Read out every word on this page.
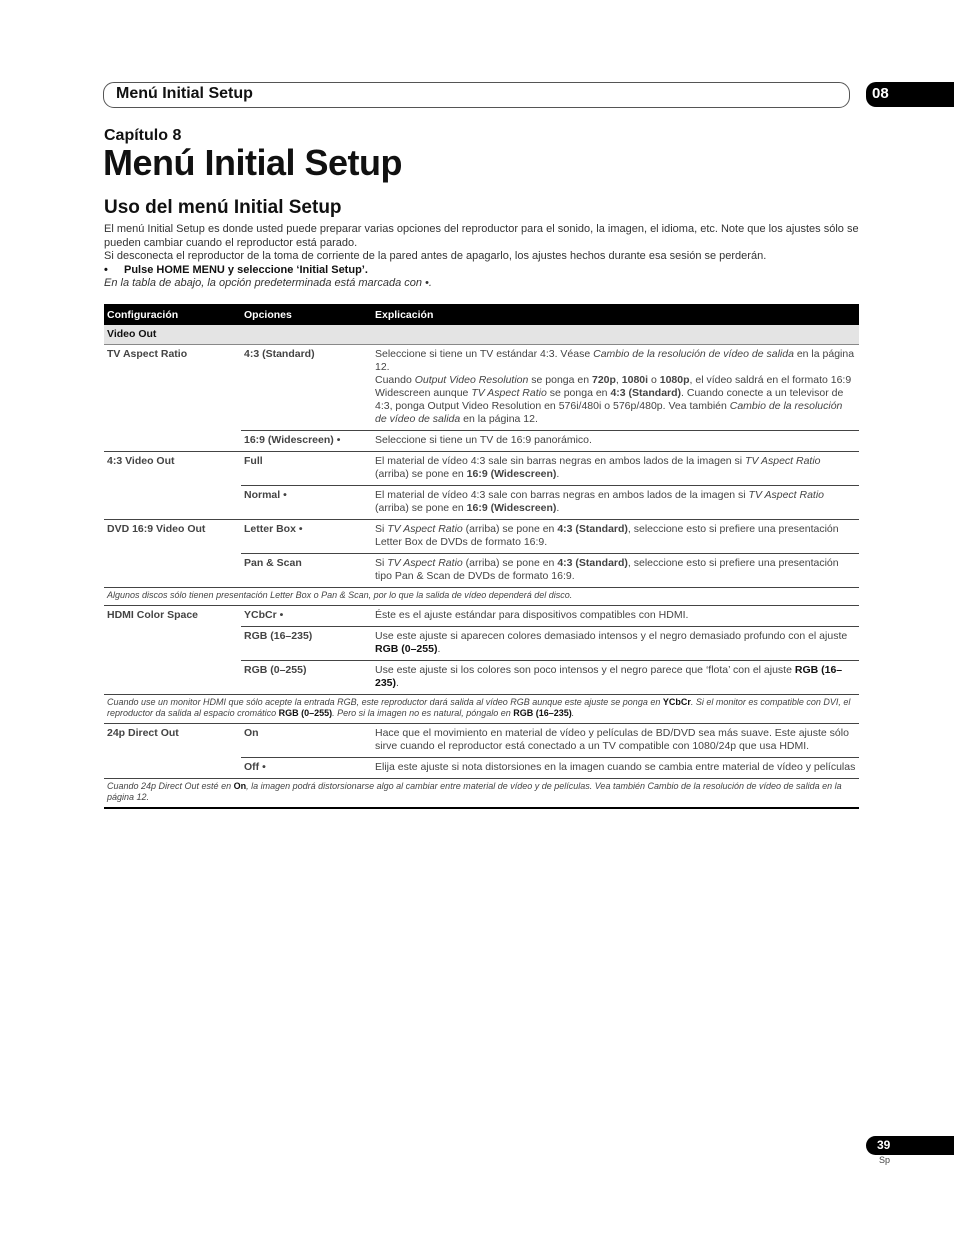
Menú Initial Setup	08
Capítulo 8
Menú Initial Setup
Uso del menú Initial Setup

El menú Initial Setup es donde usted puede preparar varias opciones del reproductor para el sonido, la imagen, el idioma, etc. Note que los ajustes sólo se pueden cambiar cuando el reproductor está parado.

Si desconecta el reproductor de la toma de corriente de la pared antes de apagarlo, los ajustes hechos durante esa sesión se perderán.

• Pulse HOME MENU y seleccione ‘Initial Setup’.

En la tabla de abajo, la opción predeterminada está marcada con •.

Configuración	Opciones	Explicación
Video Out		
TV Aspect Ratio	4:3 (Standard)	Seleccione si tiene un TV estándar 4:3. Véase Cambio de la resolución de vídeo de salida en la página 12.
Cuando Output Video Resolution se ponga en 720p, 1080i o 1080p, el vídeo saldrá en el formato 16:9 Widescreen aunque TV Aspect Ratio se ponga en 4:3 (Standard). Cuando conecte a un televisor de 4:3, ponga Output Video Resolution en 576i/480i o 576p/480p. Vea también Cambio de la resolución de vídeo de salida en la página 12.
	16:9 (Widescreen) •	Seleccione si tiene un TV de 16:9 panorámico.
4:3 Video Out	Full	El material de vídeo 4:3 sale sin barras negras en ambos lados de la imagen si TV Aspect Ratio (arriba) se pone en 16:9 (Widescreen).
	Normal •	El material de vídeo 4:3 sale con barras negras en ambos lados de la imagen si TV Aspect Ratio (arriba) se pone en 16:9 (Widescreen).
DVD 16:9 Video Out	Letter Box •	Si TV Aspect Ratio (arriba) se pone en 4:3 (Standard), seleccione esto si prefiere una presentación Letter Box de DVDs de formato 16:9.
	Pan & Scan	Si TV Aspect Ratio (arriba) se pone en 4:3 (Standard), seleccione esto si prefiere una presentación tipo Pan & Scan de DVDs de formato 16:9.
Algunos discos sólo tienen presentación Letter Box o Pan & Scan, por lo que la salida de vídeo dependerá del disco.		
HDMI Color Space	YCbCr •	Éste es el ajuste estándar para dispositivos compatibles con HDMI.
	RGB (16–235)	Use este ajuste si aparecen colores demasiado intensos y el negro demasiado profundo con el ajuste RGB (0–255).
	RGB (0–255)	Use este ajuste si los colores son poco intensos y el negro parece que ‘flota’ con el ajuste RGB (16–235).
Cuando use un monitor HDMI que sólo acepte la entrada RGB, este reproductor dará salida al vídeo RGB aunque este ajuste se ponga en YCbCr. Si el monitor es compatible con DVI, el reproductor da salida al espacio cromático RGB (0–255). Pero si la imagen no es natural, póngalo en RGB (16–235).		
24p Direct Out	On	Hace que el movimiento en material de vídeo y películas de BD/DVD sea más suave. Este ajuste sólo sirve cuando el reproductor está conectado a un TV compatible con 1080/24p que usa HDMI.
	Off •	Elija este ajuste si nota distorsiones en la imagen cuando se cambia entre material de vídeo y películas
Cuando 24p Direct Out esté en On, la imagen podrá distorsionarse algo al cambiar entre material de vídeo y de películas. Vea también Cambio de la resolución de vídeo de salida en la página 12.		
39
Sp
